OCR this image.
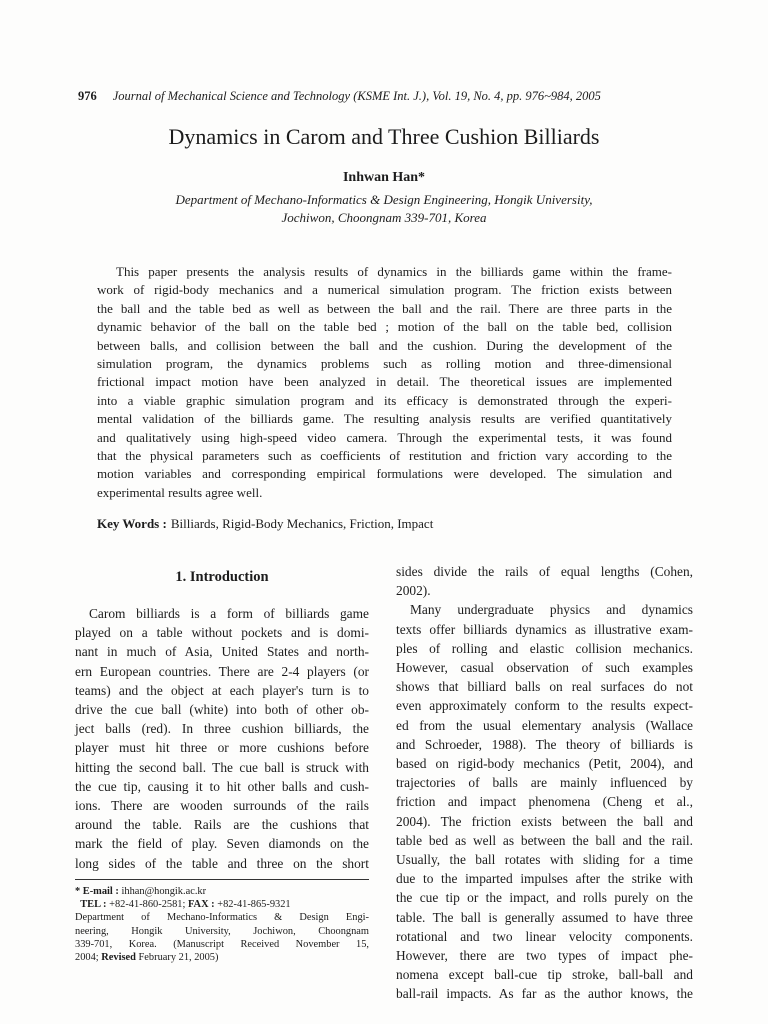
976 Journal of Mechanical Science and Technology (KSME Int. J.), Vol. 19, No. 4, pp. 976~984, 2005
Dynamics in Carom and Three Cushion Billiards
Inhwan Han*
Department of Mechano-Informatics & Design Engineering, Hongik University,
Jochiwon, Choongnam 339-701, Korea
This paper presents the analysis results of dynamics in the billiards game within the frame-
work of rigid-body mechanics and a numerical simulation program. The friction exists between
the ball and the table bed as well as between the ball and the rail. There are three parts in the
dynamic behavior of the ball on the table bed ; motion of the ball on the table bed, collision
between balls, and collision between the ball and the cushion. During the development of the
simulation program, the dynamics problems such as rolling motion and three-dimensional
frictional impact motion have been analyzed in detail. The theoretical issues are implemented
into a viable graphic simulation program and its efficacy is demonstrated through the experi-
mental validation of the billiards game. The resulting analysis results are verified quantitatively
and qualitatively using high-speed video camera. Through the experimental tests, it was found
that the physical parameters such as coefficients of restitution and friction vary according to the
motion variables and corresponding empirical formulations were developed. The simulation and
experimental results agree well.
Key Words : Billiards, Rigid-Body Mechanics, Friction, Impact
1. Introduction
Carom billiards is a form of billiards game
played on a table without pockets and is domi-
nant in much of Asia, United States and north-
ern European countries. There are 2-4 players (or
teams) and the object at each player's turn is to
drive the cue ball (white) into both of other ob-
ject balls (red). In three cushion billiards, the
player must hit three or more cushions before
hitting the second ball. The cue ball is struck with
the cue tip, causing it to hit other balls and cush-
ions. There are wooden surrounds of the rails
around the table. Rails are the cushions that
mark the field of play. Seven diamonds on the
long sides of the table and three on the short
sides divide the rails of equal lengths (Cohen,
2002).
Many undergraduate physics and dynamics
texts offer billiards dynamics as illustrative exam-
ples of rolling and elastic collision mechanics.
However, casual observation of such examples
shows that billiard balls on real surfaces do not
even approximately conform to the results expect-
ed from the usual elementary analysis (Wallace
and Schroeder, 1988). The theory of billiards is
based on rigid-body mechanics (Petit, 2004), and
trajectories of balls are mainly influenced by
friction and impact phenomena (Cheng et al.,
2004). The friction exists between the ball and
table bed as well as between the ball and the rail.
Usually, the ball rotates with sliding for a time
due to the imparted impulses after the strike with
the cue tip or the impact, and rolls purely on the
table. The ball is generally assumed to have three
rotational and two linear velocity components.
However, there are two types of impact phe-
nomena except ball-cue tip stroke, ball-ball and
ball-rail impacts. As far as the author knows, the
* E-mail : ihhan@hongik.ac.kr
TEL : +82-41-860-2581; FAX : +82-41-865-9321
Department of Mechano-Informatics & Design Engi-
neering, Hongik University, Jochiwon, Choongnam
339-701, Korea. (Manuscript Received November 15,
2004; Revised February 21, 2005)
